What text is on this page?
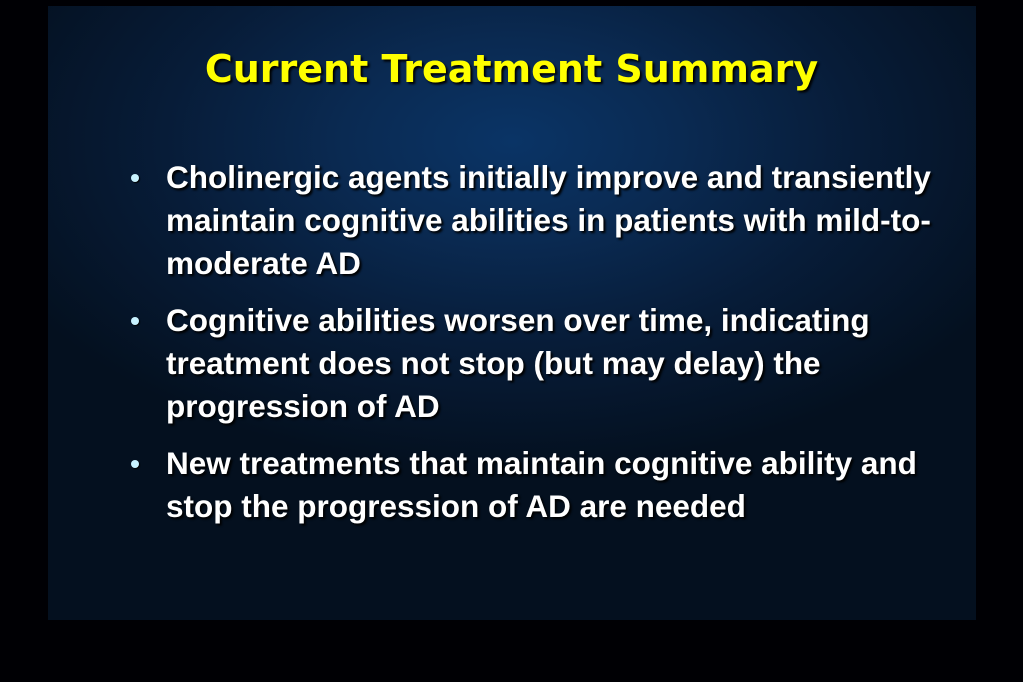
Current Treatment Summary
Cholinergic agents initially improve and transiently maintain cognitive abilities in patients with mild-to-moderate AD
Cognitive abilities worsen over time, indicating treatment does not stop (but may delay) the progression of AD
New treatments that maintain cognitive ability and stop the progression of AD are needed
